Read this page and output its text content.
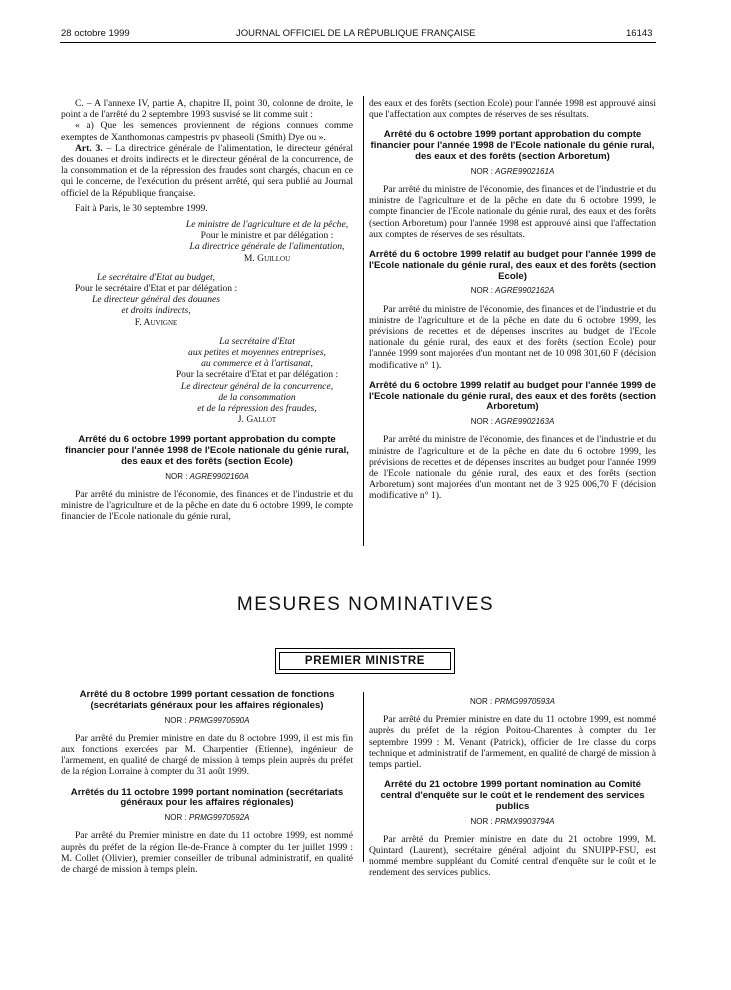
28 octobre 1999	JOURNAL OFFICIEL DE LA RÉPUBLIQUE FRANÇAISE	16143

C. – A l'annexe IV, partie A, chapitre II, point 30, colonne de droite, le point a de l'arrêté du 2 septembre 1993 susvisé se lit comme suit :

« a) Que les semences proviennent de régions connues comme exemptes de Xanthomonas campestris pv phaseoli (Smith) Dye ou ».

Art. 3. – La directrice générale de l'alimentation, le directeur général des douanes et droits indirects et le directeur général de la concurrence, de la consommation et de la répression des fraudes sont chargés, chacun en ce qui le concerne, de l'exécution du présent arrêté, qui sera publié au Journal officiel de la République française.

Fait à Paris, le 30 septembre 1999.

Le ministre de l'agriculture et de la pêche,

Pour le ministre et par délégation :

La directrice générale de l'alimentation,

M. Guillou

Le secrétaire d'Etat au budget,

Pour le secrétaire d'Etat et par délégation :

Le directeur général des douanes

et droits indirects,

F. Auvigne

La secrétaire d'Etat

aux petites et moyennes entreprises,

au commerce et à l'artisanat,

Pour la secrétaire d'Etat et par délégation :

Le directeur général de la concurrence,

de la consommation

et de la répression des fraudes,

J. Gallot

Arrêté du 6 octobre 1999 portant approbation du compte financier pour l'année 1998 de l'Ecole nationale du génie rural, des eaux et des forêts (section Ecole)

NOR : AGRE9902160A

Par arrêté du ministre de l'économie, des finances et de l'industrie et du ministre de l'agriculture et de la pêche en date du 6 octobre 1999, le compte financier de l'Ecole nationale du génie rural,

des eaux et des forêts (section Ecole) pour l'année 1998 est approuvé ainsi que l'affectation aux comptes de réserves de ses résultats.

Arrêté du 6 octobre 1999 portant approbation du compte financier pour l'année 1998 de l'Ecole nationale du génie rural, des eaux et des forêts (section Arboretum)

NOR : AGRE9902161A

Par arrêté du ministre de l'économie, des finances et de l'industrie et du ministre de l'agriculture et de la pêche en date du 6 octobre 1999, le compte financier de l'Ecole nationale du génie rural, des eaux et des forêts (section Arboretum) pour l'année 1998 est approuvé ainsi que l'affectation aux comptes de réserves de ses résultats.

Arrêté du 6 octobre 1999 relatif au budget pour l'année 1999 de l'Ecole nationale du génie rural, des eaux et des forêts (section Ecole)

NOR : AGRE9902162A

Par arrêté du ministre de l'économie, des finances et de l'industrie et du ministre de l'agriculture et de la pêche en date du 6 octobre 1999, les prévisions de recettes et de dépenses inscrites au budget de l'Ecole nationale du génie rural, des eaux et des forêts (section Ecole) pour l'année 1999 sont majorées d'un montant net de 10 098 301,60 F (décision modificative n° 1).

Arrêté du 6 octobre 1999 relatif au budget pour l'année 1999 de l'Ecole nationale du génie rural, des eaux et des forêts (section Arboretum)

NOR : AGRE9902163A

Par arrêté du ministre de l'économie, des finances et de l'industrie et du ministre de l'agriculture et de la pêche en date du 6 octobre 1999, les prévisions de recettes et de dépenses inscrites au budget pour l'année 1999 de l'Ecole nationale du génie rural, des eaux et des forêts (section Arboretum) sont majorées d'un montant net de 3 925 006,70 F (décision modificative n° 1).

MESURES NOMINATIVES
PREMIER MINISTRE

Arrêté du 8 octobre 1999 portant cessation de fonctions (secrétariats généraux pour les affaires régionales)

NOR : PRMG9970590A

Par arrêté du Premier ministre en date du 8 octobre 1999, il est mis fin aux fonctions exercées par M. Charpentier (Etienne), ingénieur de l'armement, en qualité de chargé de mission à temps plein auprès du préfet de la région Lorraine à compter du 31 août 1999.

Arrêtés du 11 octobre 1999 portant nomination (secrétariats généraux pour les affaires régionales)

NOR : PRMG9970592A

Par arrêté du Premier ministre en date du 11 octobre 1999, est nommé auprès du préfet de la région Ile-de-France à compter du 1er juillet 1999 : M. Collet (Olivier), premier conseiller de tribunal administratif, en qualité de chargé de mission à temps plein.

NOR : PRMG9970593A

Par arrêté du Premier ministre en date du 11 octobre 1999, est nommé auprès du préfet de la région Poitou-Charentes à compter du 1er septembre 1999 : M. Venant (Patrick), officier de 1re classe du corps technique et administratif de l'armement, en qualité de chargé de mission à temps partiel.

Arrêté du 21 octobre 1999 portant nomination au Comité central d'enquête sur le coût et le rendement des services publics

NOR : PRMX9903794A

Par arrêté du Premier ministre en date du 21 octobre 1999, M. Quintard (Laurent), secrétaire général adjoint du SNUIPP-FSU, est nommé membre suppléant du Comité central d'enquête sur le coût et le rendement des services publics.
